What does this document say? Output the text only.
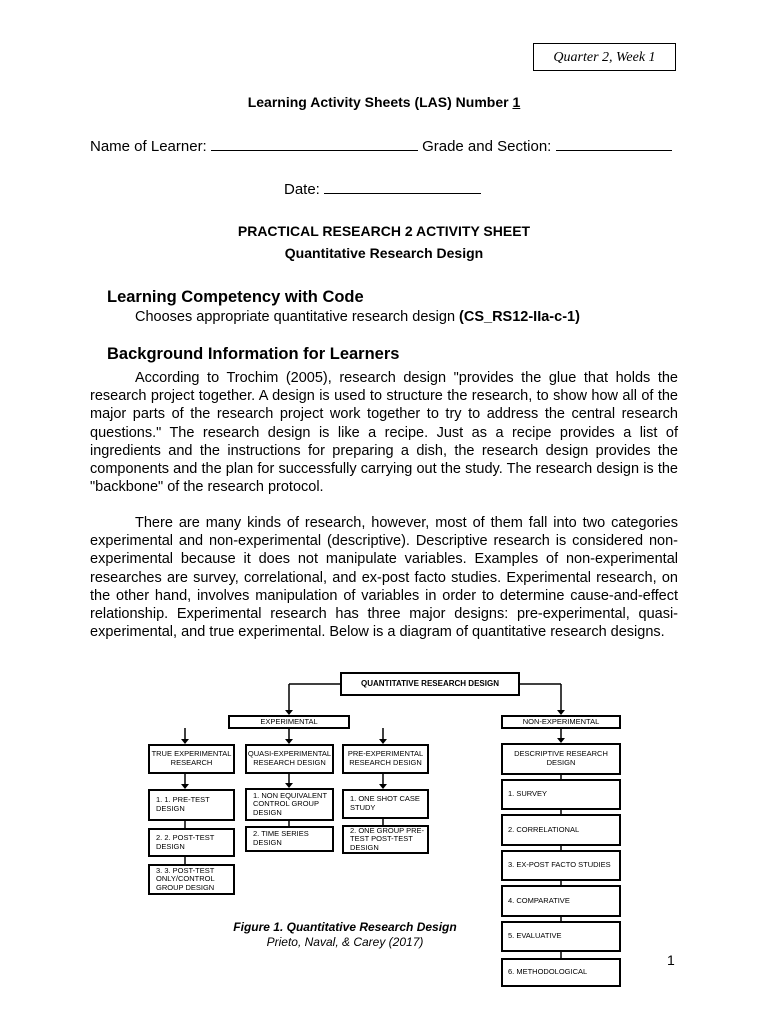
Quarter 2, Week 1
Learning Activity Sheets (LAS) Number 1
Name of Learner:	Grade and Section:
Date:
PRACTICAL RESEARCH 2 ACTIVITY SHEET
Quantitative Research Design
Learning Competency with Code
Chooses appropriate quantitative research design (CS_RS12-IIa-c-1)
Background Information for Learners

According to Trochim (2005), research design "provides the glue that holds the research project together. A design is used to structure the research, to show how all of the major parts of the research project work together to try to address the central research questions." The research design is like a recipe. Just as a recipe provides a list of ingredients and the instructions for preparing a dish, the research design provides the components and the plan for successfully carrying out the study. The research design is the "backbone" of the research protocol.

There are many kinds of research, however, most of them fall into two categories experimental and non-experimental (descriptive). Descriptive research is considered non-experimental because it does not manipulate variables. Examples of non-experimental researches are survey, correlational, and ex-post facto studies. Experimental research, on the other hand, involves manipulation of variables in order to determine cause-and-effect relationship. Experimental research has three major designs: pre-experimental, quasi-experimental, and true experimental. Below is a diagram of quantitative research designs.

QUANTITATIVE RESEARCH DESIGN
EXPERIMENTAL	NON-EXPERIMENTAL
TRUE EXPERIMENTAL RESEARCH
QUASI-EXPERIMENTAL RESEARCH DESIGN
PRE-EXPERIMENTAL RESEARCH DESIGN
1. 1. PRE-TEST DESIGN
2. 2. POST-TEST DESIGN
3. 3. POST-TEST ONLY/CONTROL GROUP DESIGN
1. NON EQUIVALENT CONTROL GROUP DESIGN
2. TIME SERIES DESIGN
1. ONE SHOT CASE STUDY
2. ONE GROUP PRE-TEST POST-TEST DESIGN
DESCRIPTIVE RESEARCH DESIGN
1. SURVEY
2. CORRELATIONAL
3. EX-POST FACTO STUDIES
4. COMPARATIVE
5. EVALUATIVE
6. METHODOLOGICAL
Figure 1. Quantitative Research Design
Prieto, Naval, & Carey (2017)
1
